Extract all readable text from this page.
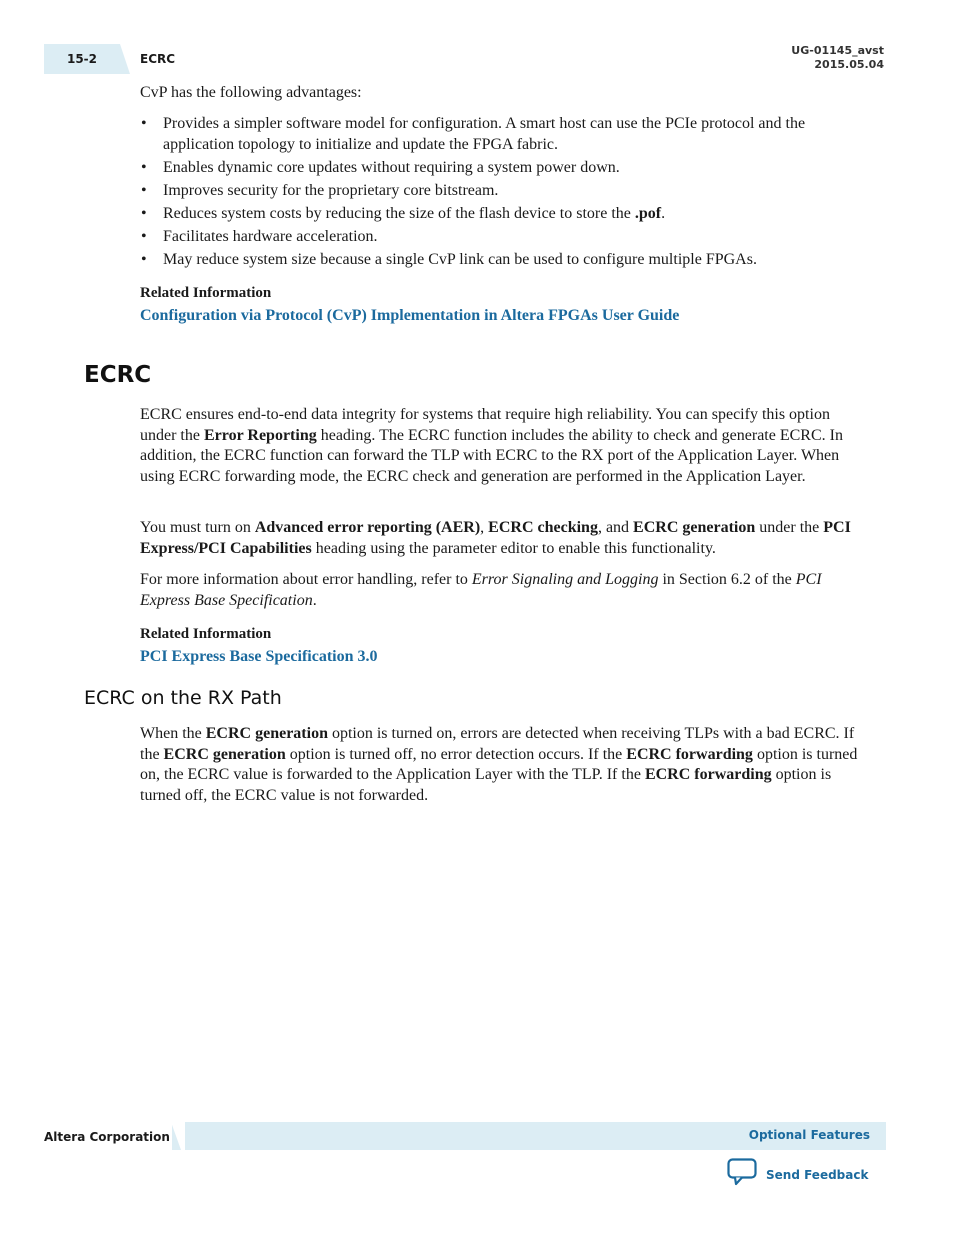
15-2	ECRC
UG-01145_avst
2015.05.04

CvP has the following advantages:

• Provides a simpler software model for configuration. A smart host can use the PCIe protocol and the application topology to initialize and update the FPGA fabric.
• Enables dynamic core updates without requiring a system power down.
• Improves security for the proprietary core bitstream.
• Reduces system costs by reducing the size of the flash device to store the .pof.
• Facilitates hardware acceleration.
• May reduce system size because a single CvP link can be used to configure multiple FPGAs.
Related Information
Configuration via Protocol (CvP) Implementation in Altera FPGAs User Guide
ECRC

ECRC ensures end-to-end data integrity for systems that require high reliability. You can specify this option under the Error Reporting heading. The ECRC function includes the ability to check and generate ECRC. In addition, the ECRC function can forward the TLP with ECRC to the RX port of the Application Layer. When using ECRC forwarding mode, the ECRC check and generation are performed in the Application Layer.

You must turn on Advanced error reporting (AER), ECRC checking, and ECRC generation under the PCI Express/PCI Capabilities heading using the parameter editor to enable this functionality.

For more information about error handling, refer to Error Signaling and Logging in Section 6.2 of the PCI Express Base Specification.

Related Information
PCI Express Base Specification 3.0
ECRC on the RX Path

When the ECRC generation option is turned on, errors are detected when receiving TLPs with a bad ECRC. If the ECRC generation option is turned off, no error detection occurs. If the ECRC forwarding option is turned on, the ECRC value is forwarded to the Application Layer with the TLP. If the ECRC forwarding option is turned off, the ECRC value is not forwarded.

Altera Corporation	Optional Features
Send Feedback
